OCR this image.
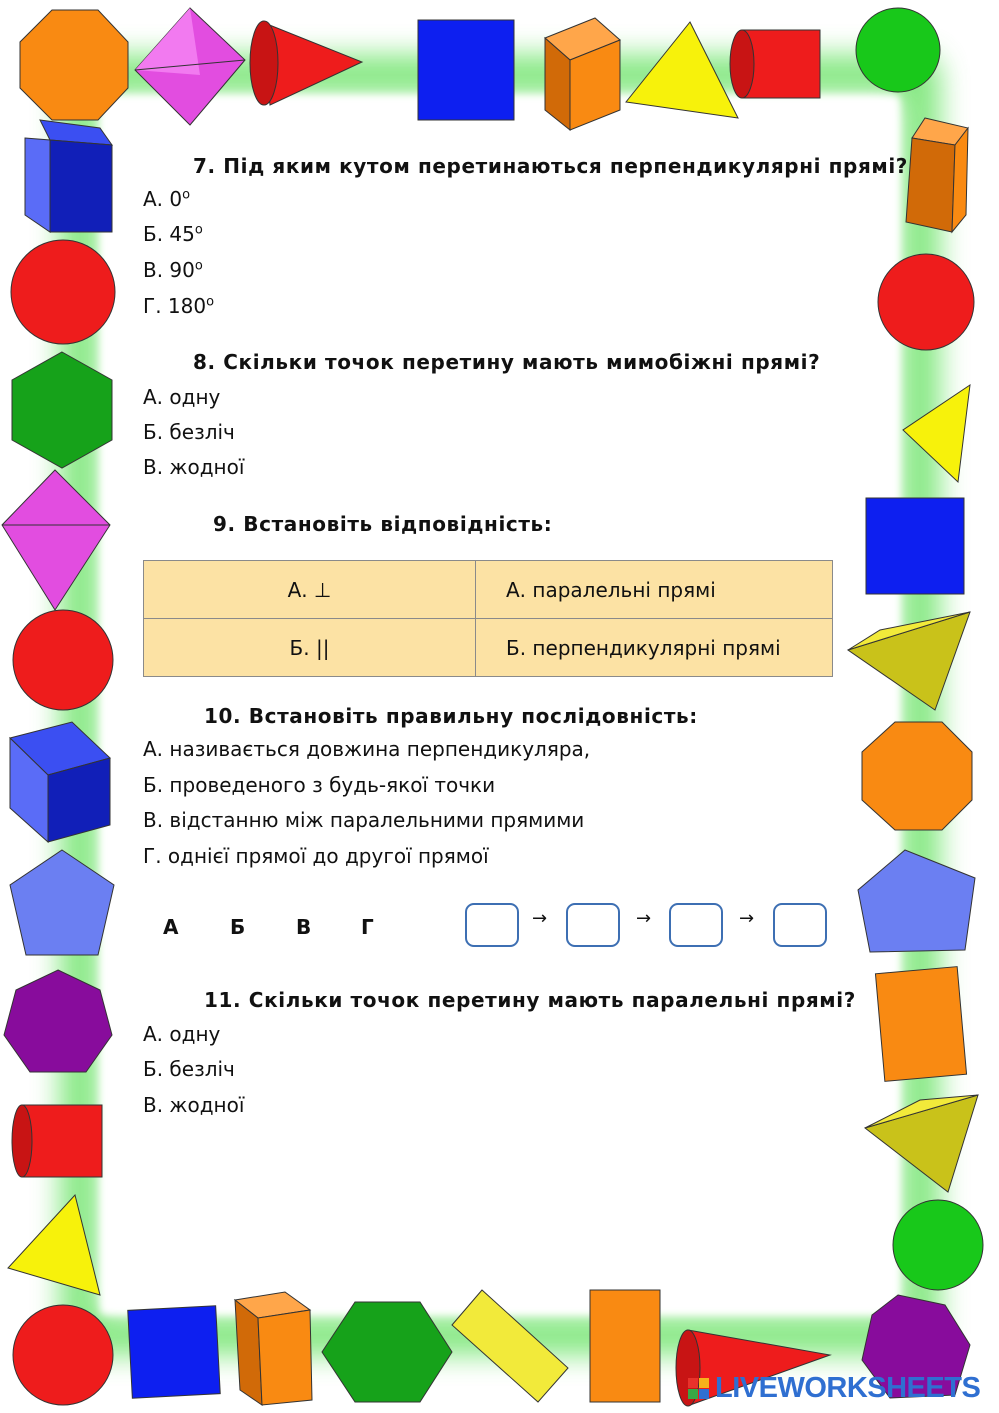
7. Під яким кутом перетинаються перпендикулярні прямі?
А. 0$^o$
Б. 45$^o$
В. 90$^o$
Г. 180$^o$
8. Скільки точок перетину мають мимобіжні прямі?
А. одну
Б. безліч
В. жодної
9. Встановіть відповідність:
А. ⊥	А. паралельні прямі
Б. ||	Б. перпендикулярні прямі
10. Встановіть правильну послідовність:
А. називається довжина перпендикуляра,
Б. проведеного з будь-якої точки
В. відстанню між паралельними прямими
Г. однієї прямої до другої прямої
А	Б	В Г	→	→	→
11. Скільки точок перетину мають паралельні прямі?
А. одну
Б. безліч
В. жодної
LIVEWORKSHEETS
